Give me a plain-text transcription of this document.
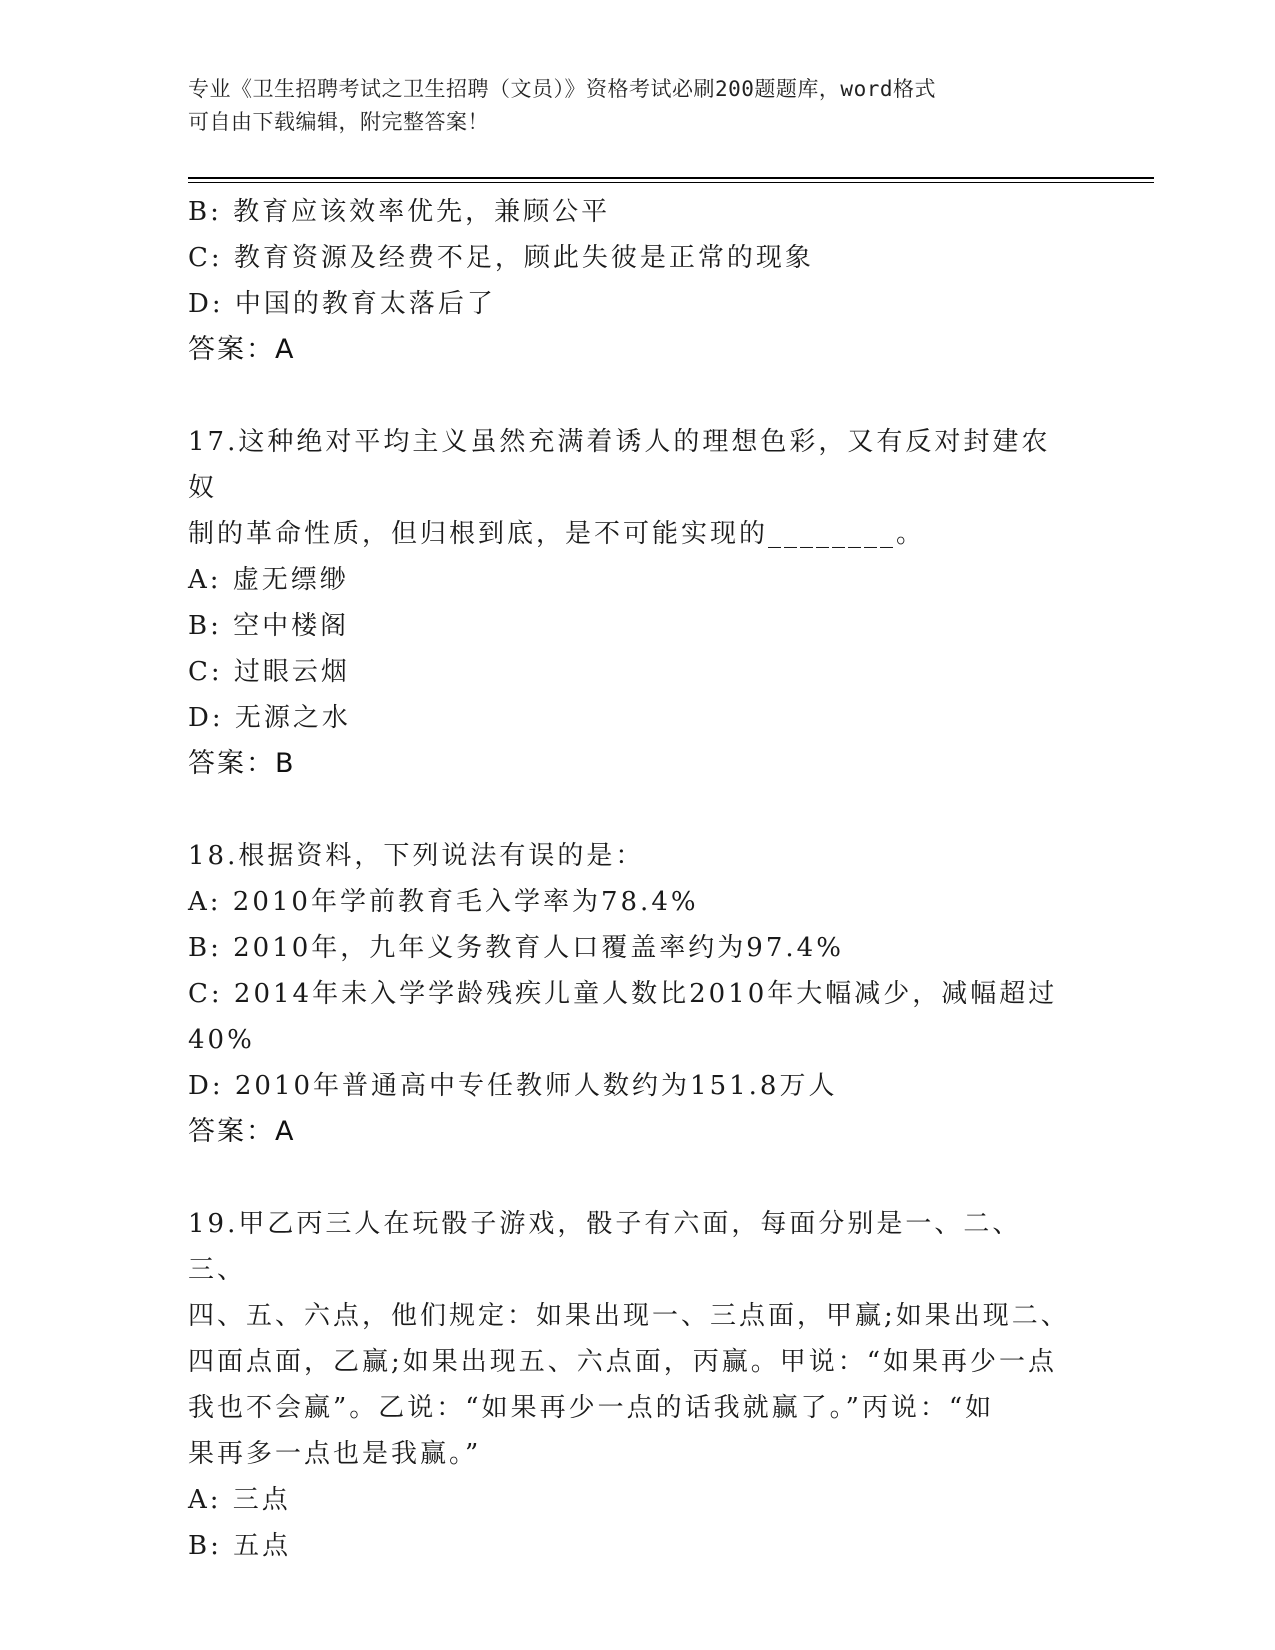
专业《卫生招聘考试之卫生招聘（文员）》资格考试必刷200题题库，word格式
可自由下载编辑，附完整答案！
B: 教育应该效率优先，兼顾公平
C: 教育资源及经费不足，顾此失彼是正常的现象
D: 中国的教育太落后了
答案：A
17.这种绝对平均主义虽然充满着诱人的理想色彩，又有反对封建农奴
制的革命性质，但归根到底，是不可能实现的________。
A: 虚无缥缈
B: 空中楼阁
C: 过眼云烟
D: 无源之水
答案：B
18.根据资料，下列说法有误的是：
A: 2010年学前教育毛入学率为78.4%
B: 2010年，九年义务教育人口覆盖率约为97.4%
C: 2014年未入学学龄残疾儿童人数比2010年大幅减少，减幅超过
40%
D: 2010年普通高中专任教师人数约为151.8万人
答案：A
19.甲乙丙三人在玩骰子游戏，骰子有六面，每面分别是一、二、三、
四、五、六点，他们规定：如果出现一、三点面，甲赢;如果出现二、
四面点面，乙赢;如果出现五、六点面，丙赢。甲说：“如果再少一点
我也不会赢”。乙说：“如果再少一点的话我就赢了。”丙说：“如
果再多一点也是我赢。”
A: 三点
B: 五点
